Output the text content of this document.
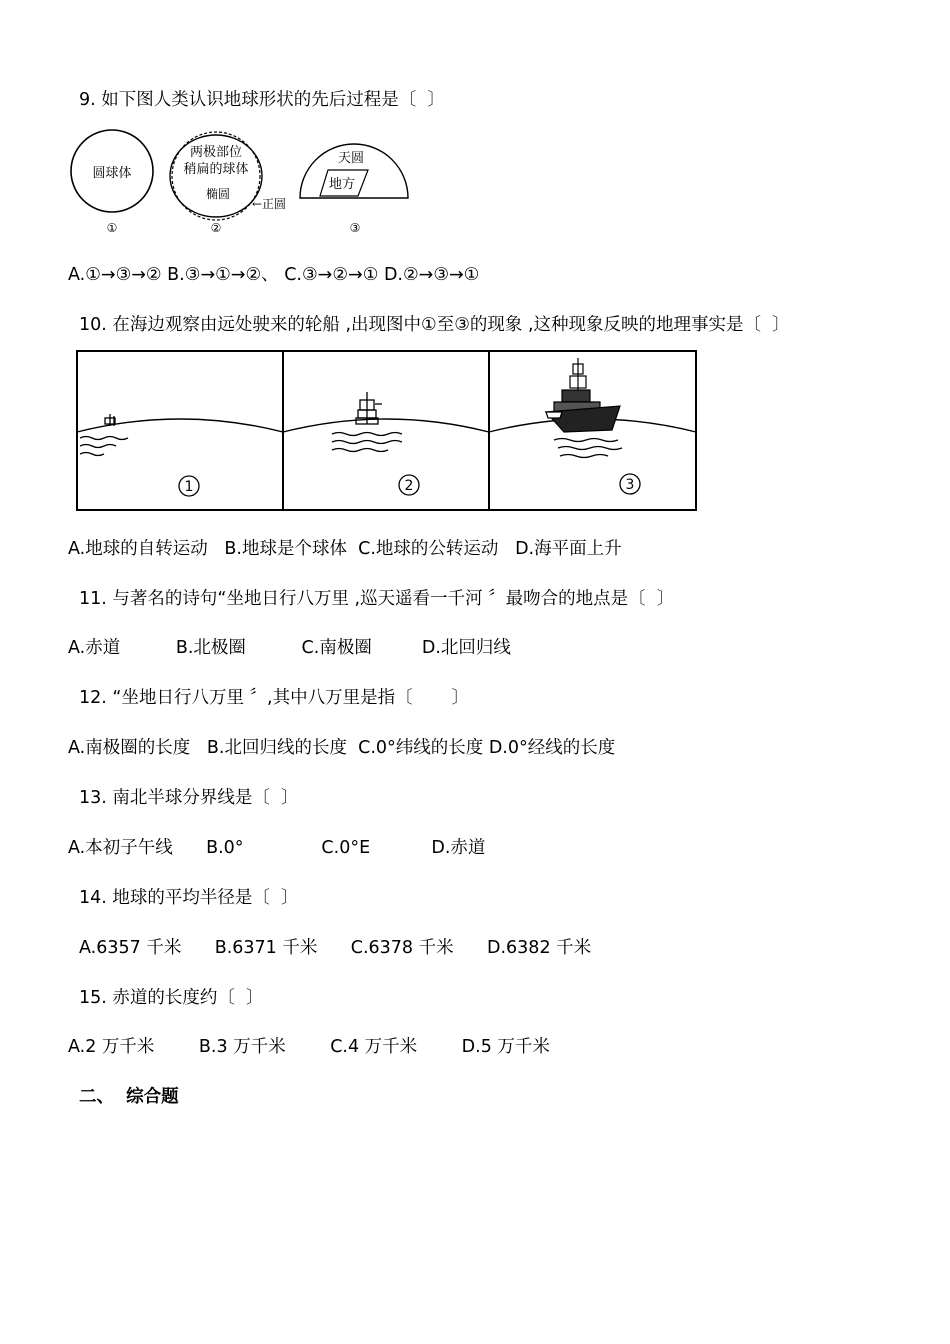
9. 如下图人类认识地球形状的先后过程是〔  〕
圆球体
两极部位
稍扁的球体
椭圆
←正圆
天圆
地方
①	②	③
A.①→③→② B.③→①→②、 C.③→②→① D.②→③→①
10. 在海边观察由远处驶来的轮船 ,出现图中①至③的现象 ,这种现象反映的地理事实是〔  〕
1	2	3
A.地球的自转运动   B.地球是个球体  C.地球的公转运动   D.海平面上升
11. 与著名的诗句“坐地日行八万里 ,巡天遥看一千河 〞最吻合的地点是〔  〕
A.赤道          B.北极圈          C.南极圈         D.北回归线
12. “坐地日行八万里 〞,其中八万里是指〔       〕
A.南极圈的长度   B.北回归线的长度  C.0°纬线的长度 D.0°经线的长度
13. 南北半球分界线是〔  〕
A.本初子午线      B.0°              C.0°E           D.赤道
14. 地球的平均半径是〔  〕
A.6357 千米      B.6371 千米      C.6378 千米      D.6382 千米
15. 赤道的长度约〔  〕
A.2 万千米        B.3 万千米        C.4 万千米        D.5 万千米
二、  综合题
